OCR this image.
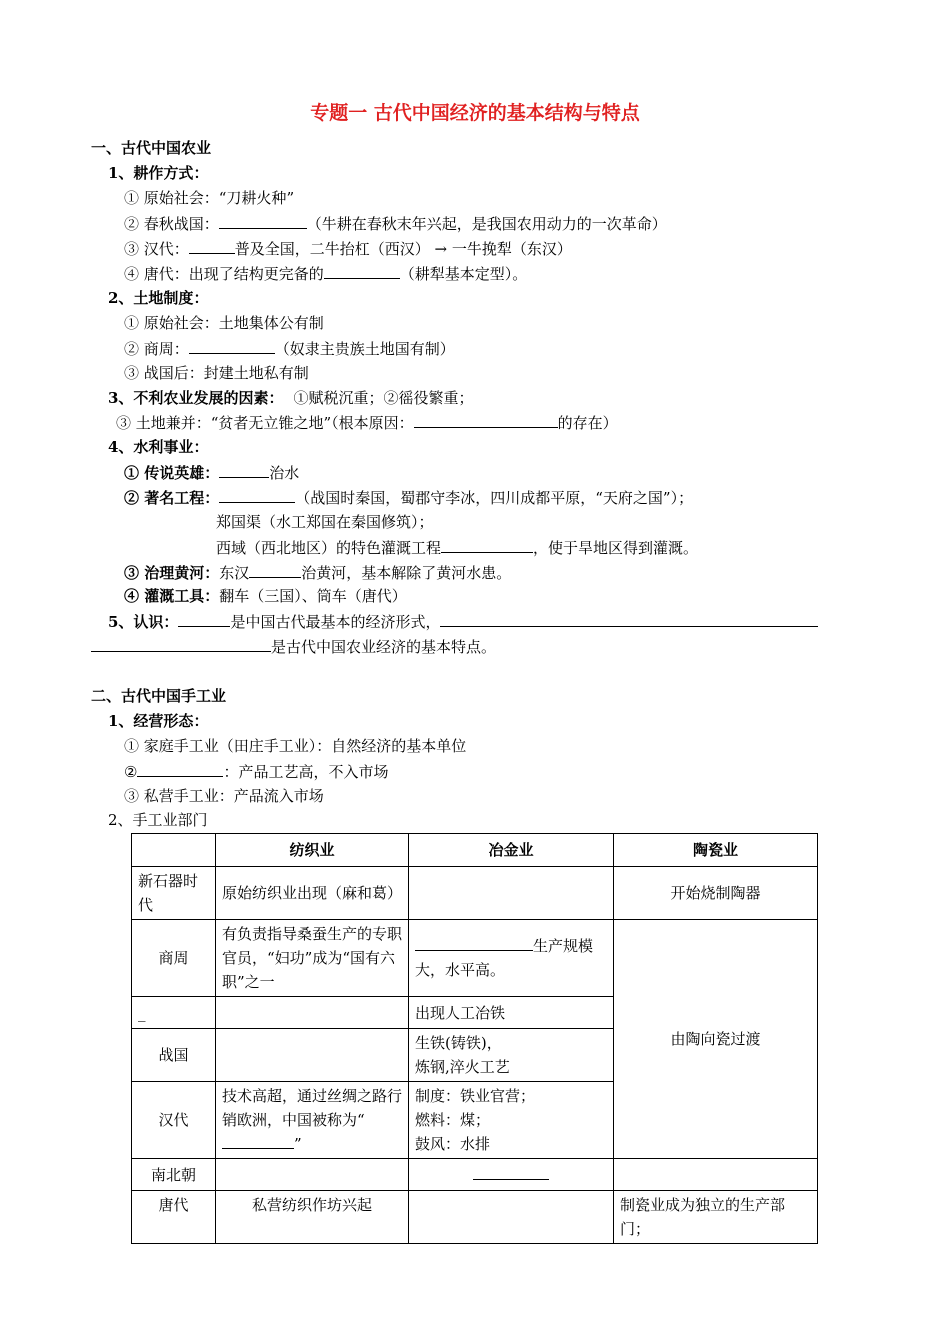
专题一 古代中国经济的基本结构与特点
一、古代中国农业
1、耕作方式：
① 原始社会：“刀耕火种”
② 春秋战国：	（牛耕在春秋末年兴起，是我国农用动力的一次革命）
③ 汉代：	普及全国，二牛抬杠（西汉） → 一牛挽犁（东汉）
④ 唐代：出现了结构更完备的	（耕犁基本定型）。
2、土地制度：
① 原始社会：土地集体公有制
② 商周：	（奴隶主贵族土地国有制）
③ 战国后：封建土地私有制
3、不利农业发展的因素： ①赋税沉重；②徭役繁重；
③ 土地兼并：“贫者无立锥之地”（根本原因：	的存在）
4、水利事业：
① 传说英雄：	治水
② 著名工程：	（战国时秦国，蜀郡守李冰，四川成都平原，“天府之国”）；
郑国渠（水工郑国在秦国修筑）；
西域（西北地区）的特色灌溉工程	，使于旱地区得到灌溉。
③ 治理黄河：东汉	治黄河，基本解除了黄河水患。
④ 灌溉工具：翻车（三国）、筒车（唐代）
5、认识：	是中国古代最基本的经济形式，
是古代中国农业经济的基本特点。
二、古代中国手工业
1、经营形态：
① 家庭手工业（田庄手工业）：自然经济的基本单位
②	：产品工艺高，不入市场
③ 私营手工业：产品流入市场
2、手工业部门
	纺织业	冶金业	陶瓷业
新石器时代	原始纺织业出现（麻和葛）		开始烧制陶器
商周	有负责指导桑蚕生产的专职官员，“妇功”成为“国有六职”之一	生产规模大，水平高。	由陶向瓷过渡
_		出现人工冶铁	
战国		生铁(铸铁)，
炼钢,淬火工艺	

汉代	技术高超，通过丝绸之路行销欧洲，中国被称为“”	制度：铁业官营；
燃料：煤；
鼓风：水排	

南北朝			
唐代	私营纺织作坊兴起		制瓷业成为独立的生产部门；
